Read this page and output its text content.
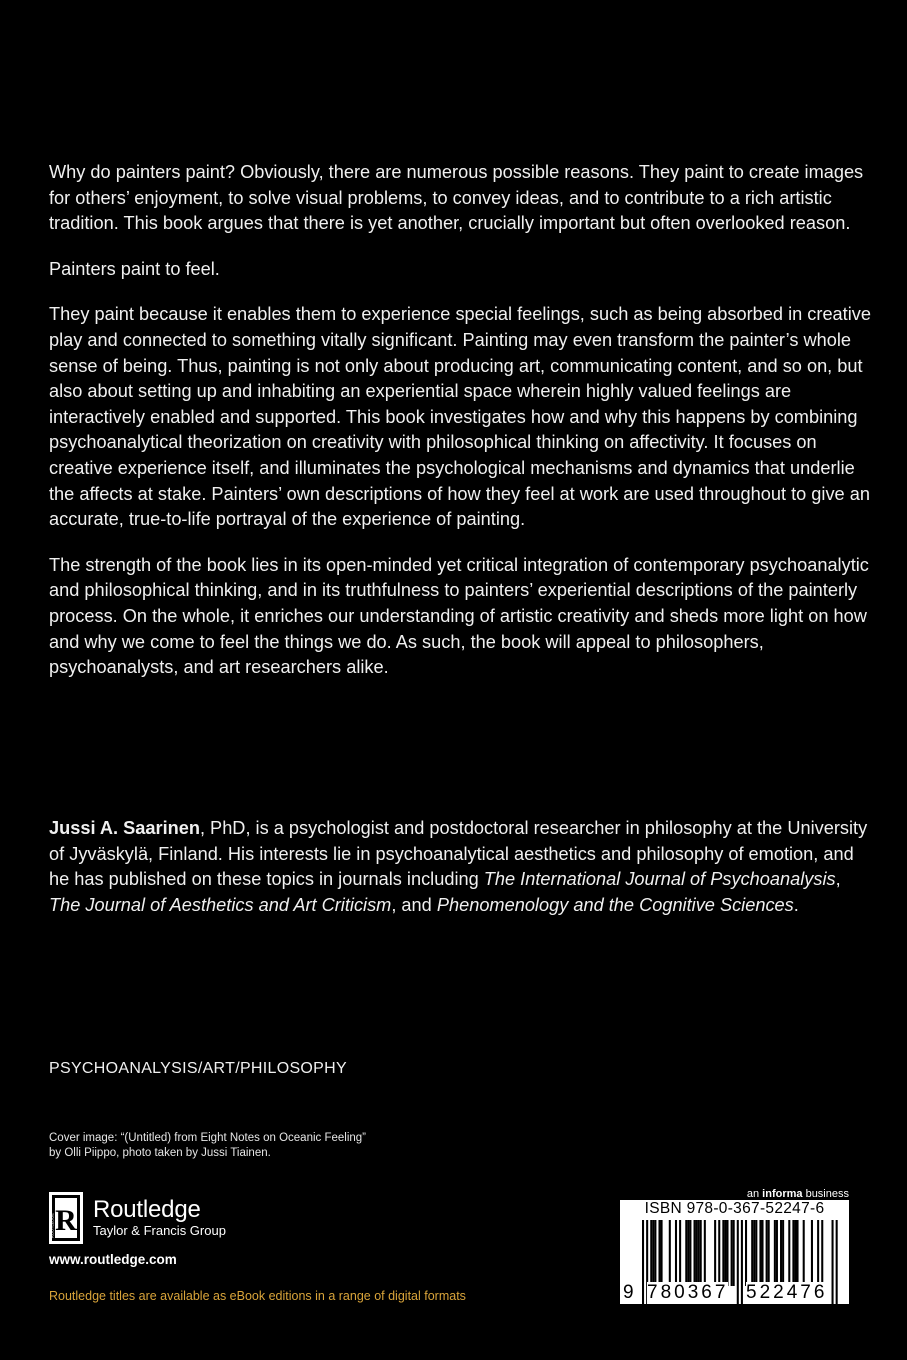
Why do painters paint? Obviously, there are numerous possible reasons. They paint to create images for others’ enjoyment, to solve visual problems, to convey ideas, and to contribute to a rich artistic tradition. This book argues that there is yet another, crucially important but often overlooked reason.

Painters paint to feel.

They paint because it enables them to experience special feelings, such as being absorbed in creative play and connected to something vitally significant. Painting may even transform the painter’s whole sense of being. Thus, painting is not only about producing art, communicating content, and so on, but also about setting up and inhabiting an experiential space wherein highly valued feelings are interactively enabled and supported. This book investigates how and why this happens by combining psychoanalytical theorization on creativity with philosophical thinking on affectivity. It focuses on creative experience itself, and illuminates the psychological mechanisms and dynamics that underlie the affects at stake. Painters’ own descriptions of how they feel at work are used throughout to give an accurate, true-to-life portrayal of the experience of painting.

The strength of the book lies in its open-minded yet critical integration of contemporary psychoanalytic and philosophical thinking, and in its truthfulness to painters’ experiential descriptions of the painterly process. On the whole, it enriches our understanding of artistic creativity and sheds more light on how and why we come to feel the things we do. As such, the book will appeal to philosophers, psychoanalysts, and art researchers alike.

Jussi A. Saarinen, PhD, is a psychologist and postdoctoral researcher in philosophy at the University of Jyväskylä, Finland. His interests lie in psychoanalytical aesthetics and philosophy of emotion, and he has published on these topics in journals including The International Journal of Psychoanalysis, The Journal of Aesthetics and Art Criticism, and Phenomenology and the Cognitive Sciences.
PSYCHOANALYSIS/ART/PHILOSOPHY
Cover image: “(Untitled) from Eight Notes on Oceanic Feeling”
by Olli Piippo, photo taken by Jussi Tiainen.
R
ROUTLEDGE
Routledge
Taylor & Francis Group
www.routledge.com
Routledge titles are available as eBook editions in a range of digital formats
an informa business
ISBN 978-0-367-52247-6
9 780367 522476
